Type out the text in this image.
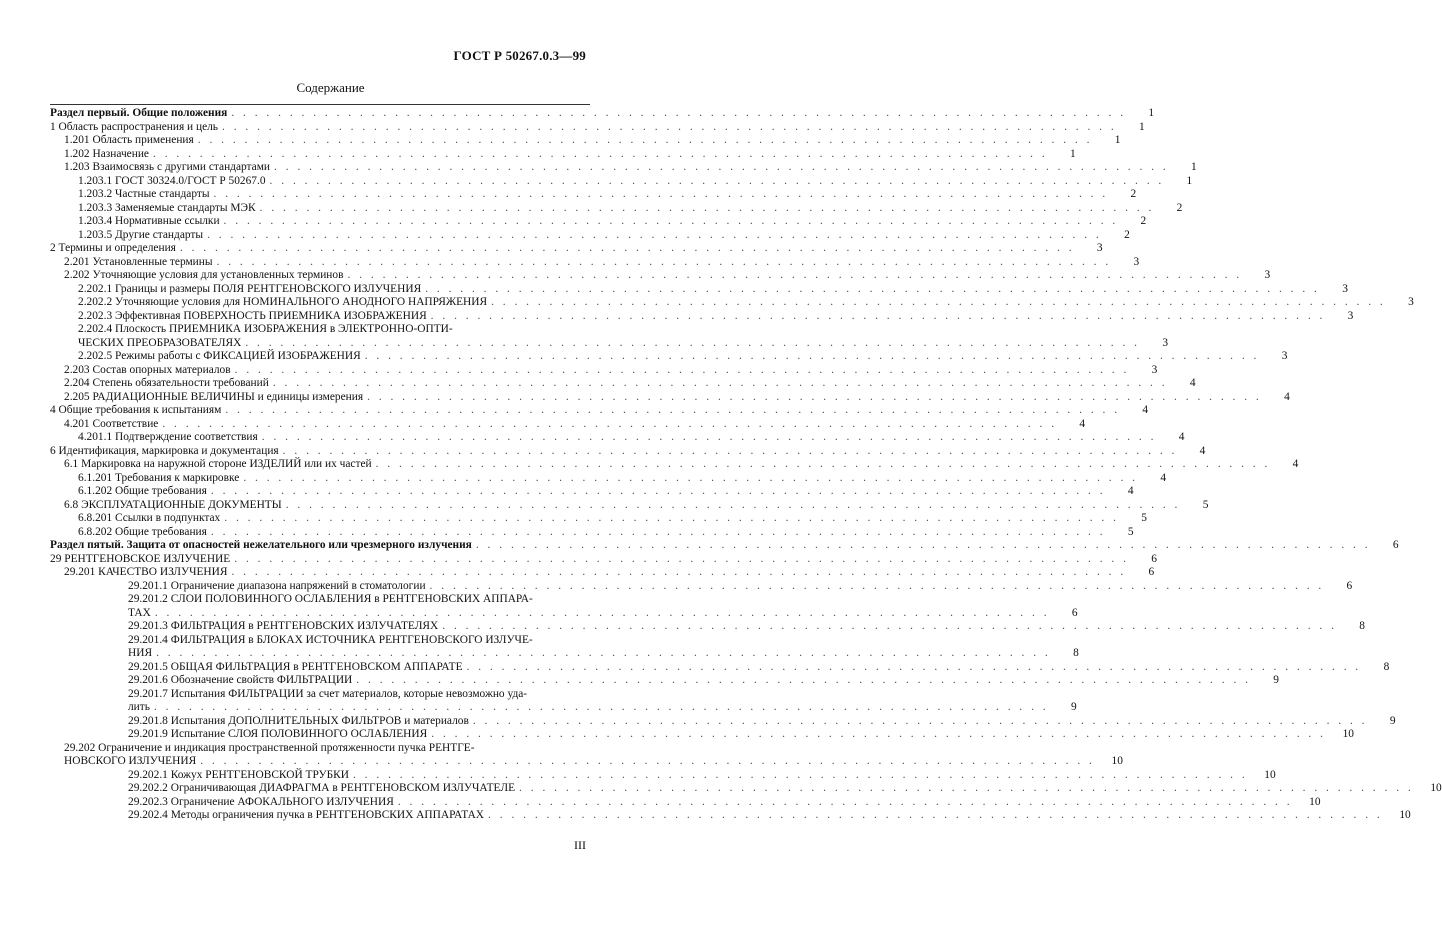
ГОСТ Р 50267.0.3—99
Содержание
Раздел первый. Общие положения . . .	1
1 Область распространения и цель . . .	1
1.201 Область применения . . .	1
1.202 Назначение . . .	1
1.203 Взаимосвязь с другими стандартами . . .	1
1.203.1 ГОСТ 30324.0/ГОСТ Р 50267.0 . . .	1
1.203.2 Частные стандарты . . .	2
1.203.3 Заменяемые стандарты МЭК . . .	2
1.203.4 Нормативные ссылки . . .	2
1.203.5 Другие стандарты . . .	2
2 Термины и определения . . .	3
2.201 Установленные термины . . .	3
2.202 Уточняющие условия для установленных терминов . . .	3
2.202.1 Границы и размеры ПОЛЯ РЕНТГЕНОВСКОГО ИЗЛУЧЕНИЯ . . .	3
2.202.2 Уточняющие условия для НОМИНАЛЬНОГО АНОДНОГО НАПРЯЖЕНИЯ . . .	3
2.202.3 Эффективная ПОВЕРХНОСТЬ ПРИЕМНИКА ИЗОБРАЖЕНИЯ . . .	3
2.202.4 Плоскость ПРИЕМНИКА ИЗОБРАЖЕНИЯ в ЭЛЕКТРОННО-ОПТИ-
ЧЕСКИХ ПРЕОБРАЗОВАТЕЛЯХ . . .	3
2.202.5 Режимы работы с ФИКСАЦИЕЙ ИЗОБРАЖЕНИЯ . . .	3
2.203 Состав опорных материалов . . .	3
2.204 Степень обязательности требований . . .	4
2.205 РАДИАЦИОННЫЕ ВЕЛИЧИНЫ и единицы измерения . . .	4
4 Общие требования к испытаниям . . .	4
4.201 Соответствие . . .	4
4.201.1 Подтверждение соответствия . . .	4
6 Идентификация, маркировка и документация . . .	4
6.1 Маркировка на наружной стороне ИЗДЕЛИЙ или их частей . . .	4
6.1.201 Требования к маркировке . . .	4
6.1.202 Общие требования . . .	4
6.8 ЭКСПЛУАТАЦИОННЫЕ ДОКУМЕНТЫ . . .	5
6.8.201 Ссылки в подпунктах . . .	5
6.8.202 Общие требования . . .	5
Раздел пятый. Защита от опасностей нежелательного или чрезмерного излучения . . .	6
29 РЕНТГЕНОВСКОЕ ИЗЛУЧЕНИЕ . . .	6
29.201 КАЧЕСТВО ИЗЛУЧЕНИЯ . . .	6
29.201.1 Ограничение диапазона напряжений в стоматологии . . .	6
29.201.2 СЛОИ ПОЛОВИННОГО ОСЛАБЛЕНИЯ в РЕНТГЕНОВСКИХ АППАРА-
ТАХ . . .	6
29.201.3 ФИЛЬТРАЦИЯ в РЕНТГЕНОВСКИХ ИЗЛУЧАТЕЛЯХ . . .	8
29.201.4 ФИЛЬТРАЦИЯ в БЛОКАХ ИСТОЧНИКА РЕНТГЕНОВСКОГО ИЗЛУЧЕ-
НИЯ . . .	8
29.201.5 ОБЩАЯ ФИЛЬТРАЦИЯ в РЕНТГЕНОВСКОМ АППАРАТЕ . . .	8
29.201.6 Обозначение свойств ФИЛЬТРАЦИИ . . .	9
29.201.7 Испытания ФИЛЬТРАЦИИ за счет материалов, которые невозможно уда-
лить . . .	9
29.201.8 Испытания ДОПОЛНИТЕЛЬНЫХ ФИЛЬТРОВ и материалов . . .	9
29.201.9 Испытание СЛОЯ ПОЛОВИННОГО ОСЛАБЛЕНИЯ . . .	10
29.202 Ограничение и индикация пространственной протяженности пучка РЕНТГЕ-
НОВСКОГО ИЗЛУЧЕНИЯ . . .	10
29.202.1 Кожух РЕНТГЕНОВСКОЙ ТРУБКИ . . .	10
29.202.2 Ограничивающая ДИАФРАГМА в РЕНТГЕНОВСКОМ ИЗЛУЧАТЕЛЕ . . .	10
29.202.3 Ограничение АФОКАЛЬНОГО ИЗЛУЧЕНИЯ . . .	10
29.202.4 Методы ограничения пучка в РЕНТГЕНОВСКИХ АППАРАТАХ . . .	10
III
